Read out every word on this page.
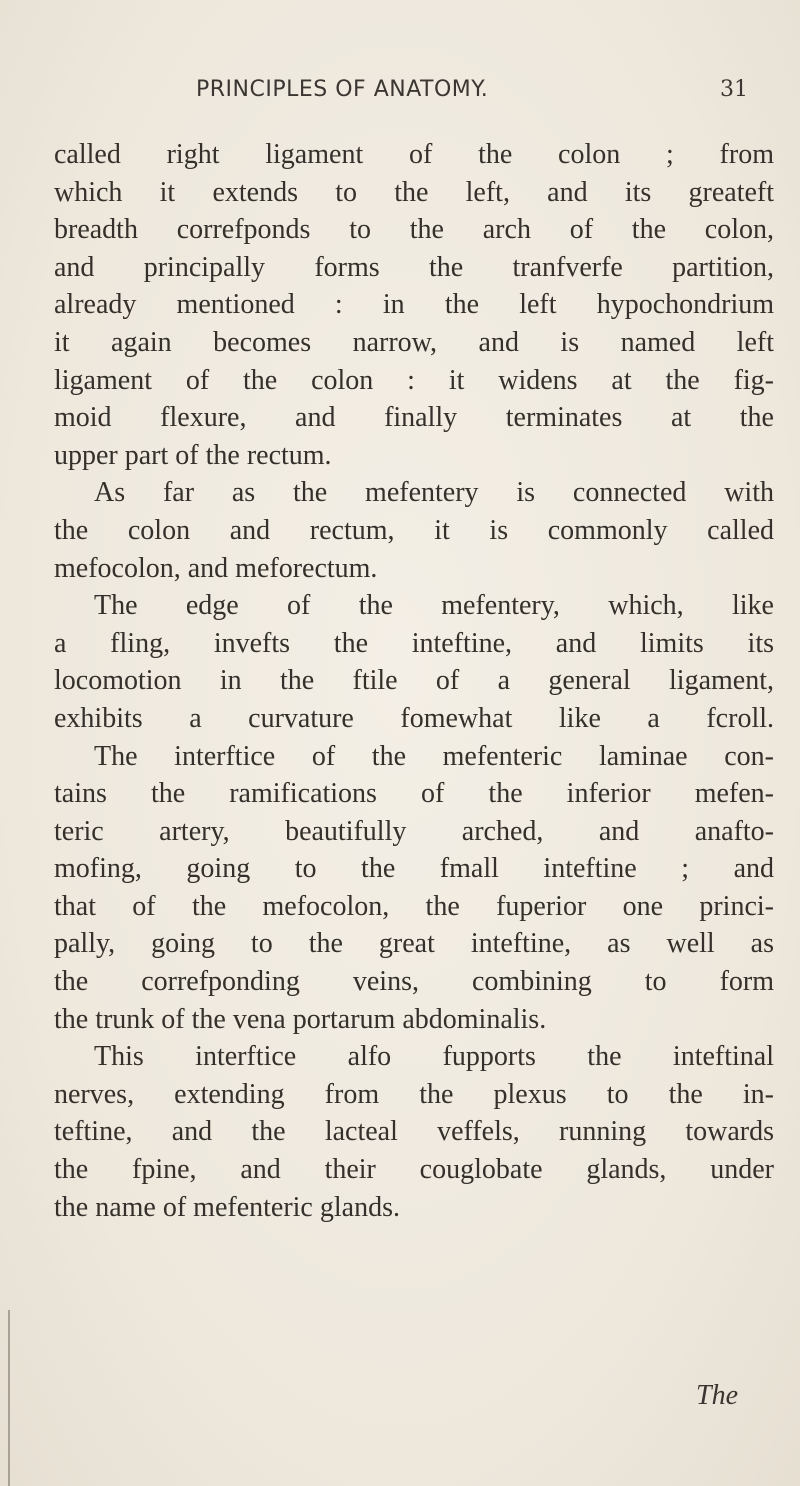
PRINCIPLES OF ANATOMY.	31
called right ligament of the colon ; from
which it extends to the left, and its greateft
breadth correfponds to the arch of the colon,
and principally forms the tranfverfe partition,
already mentioned : in the left hypochondrium
it again becomes narrow, and is named left
ligament of the colon : it widens at the fig-
moid flexure, and finally terminates at the
upper part of the rectum.
As far as the mefentery is connected with
the colon and rectum, it is commonly called
mefocolon, and meforectum.
The edge of the mefentery, which, like
a fling, invefts the inteftine, and limits its
locomotion in the ftile of a general ligament,
exhibits a curvature fomewhat like a fcroll.
The interftice of the mefenteric laminae con-
tains the ramifications of the inferior mefen-
teric artery, beautifully arched, and anafto-
mofing, going to the fmall inteftine ; and
that of the mefocolon, the fuperior one princi-
pally, going to the great inteftine, as well as
the correfponding veins, combining to form
the trunk of the vena portarum abdominalis.
This interftice alfo fupports the inteftinal
nerves, extending from the plexus to the in-
teftine, and the lacteal veffels, running towards
the fpine, and their couglobate glands, under
the name of mefenteric glands.
The
